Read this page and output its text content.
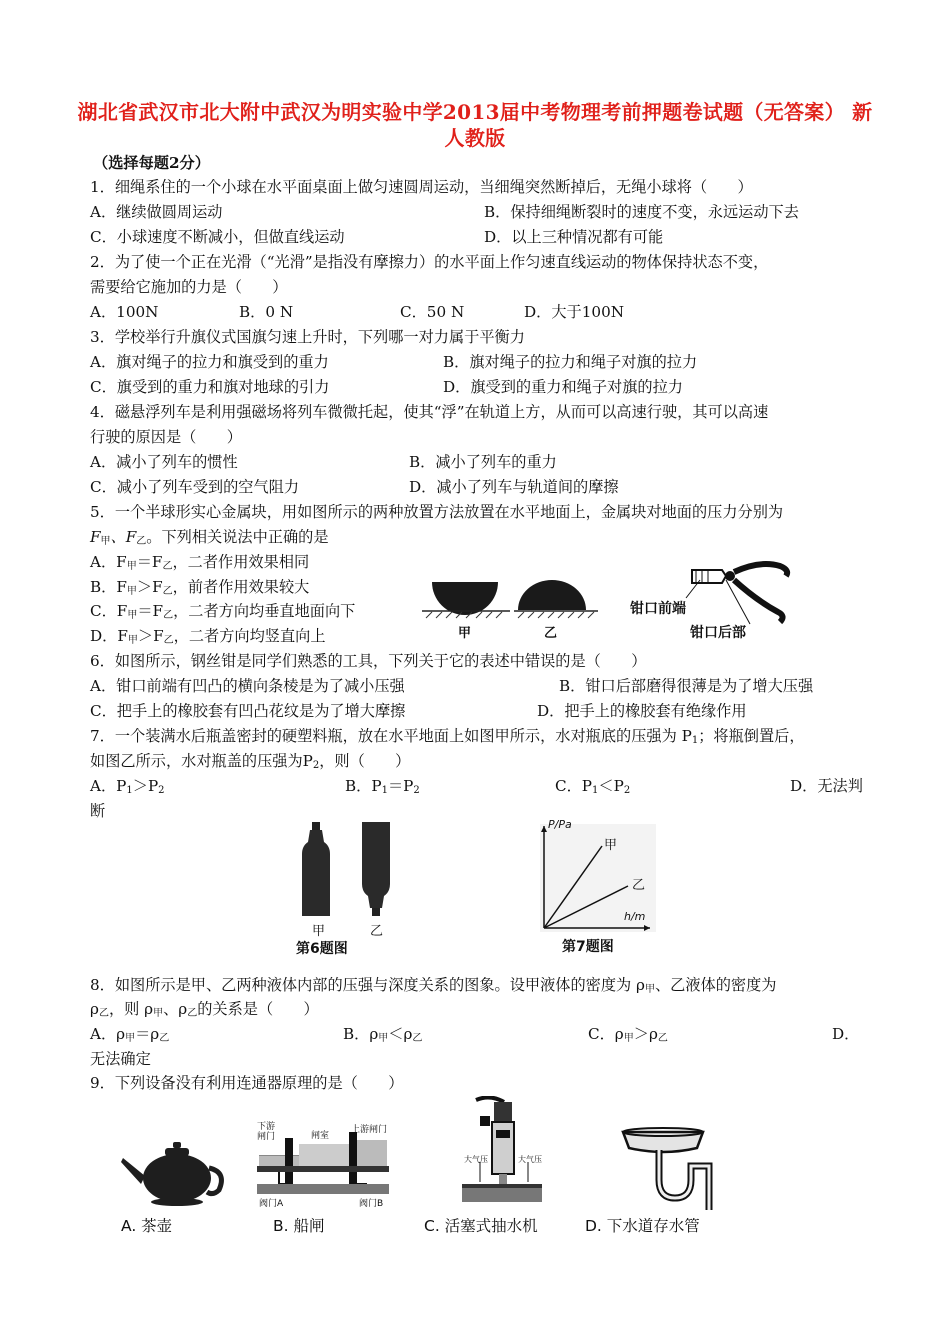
湖北省武汉市北大附中武汉为明实验中学2013届中考物理考前押题卷试题（无答案） 新人教版
（选择每题2分）
1．细绳系住的一个小球在水平面桌面上做匀速圆周运动，当细绳突然断掉后，无绳小球将（　　）
A．继续做圆周运动	B．保持细绳断裂时的速度不变，永远运动下去
C．小球速度不断减小，但做直线运动	D．以上三种情况都有可能
2．为了使一个正在光滑（“光滑”是指没有摩擦力）的水平面上作匀速直线运动的物体保持状态不变，
需要给它施加的力是（　　）
A．100N	B．0 N	C．50 N	D．大于100N
3．学校举行升旗仪式国旗匀速上升时，下列哪一对力属于平衡力
A．旗对绳子的拉力和旗受到的重力	B．旗对绳子的拉力和绳子对旗的拉力
C．旗受到的重力和旗对地球的引力	D．旗受到的重力和绳子对旗的拉力
4．磁悬浮列车是利用强磁场将列车微微托起，使其“浮”在轨道上方，从而可以高速行驶，其可以高速
行驶的原因是（　　）
A．减小了列车的惯性	B．减小了列车的重力
C．减小了列车受到的空气阻力	D．减小了列车与轨道间的摩擦
5．一个半球形实心金属块，用如图所示的两种放置方法放置在水平地面上，金属块对地面的压力分别为
$F_甲$、$F_乙$。下列相关说法中正确的是
A．$F_甲=F_乙$，二者作用效果相同
B．$F_甲>F_乙$，前者作用效果较大
C．$F_甲=F_乙$，二者方向均垂直地面向下
D．$F_甲>F_乙$，二者方向均竖直向上	甲	乙
钳口前端
钳口后部
6．如图所示，钢丝钳是同学们熟悉的工具，下列关于它的表述中错误的是（　　）
A．钳口前端有凹凸的横向条棱是为了减小压强	B．钳口后部磨得很薄是为了增大压强
C．把手上的橡胶套有凹凸花纹是为了增大摩擦	D．把手上的橡胶套有绝缘作用
7．一个装满水后瓶盖密封的硬塑料瓶，放在水平地面上如图甲所示，水对瓶底的压强为 $P_1$；将瓶倒置后，
如图乙所示，水对瓶盖的压强为$P_2$，则（　　）
A．$P_1>P_2$	B．$P_1=P_2$	C．$P_1<P_2$	D．无法判
断
甲	乙
第6题图
P/Pa
h/m
甲
乙
第7题图
8．如图所示是甲、乙两种液体内部的压强与深度关系的图象。设甲液体的密度为 $\rho_甲$、乙液体的密度为
$\rho_乙$，则 $\rho_甲$、$\rho_乙$的关系是（　　）
A．$\rho_甲=\rho_乙$	B．$\rho_甲<\rho_乙$	C．$\rho_甲>\rho_乙$	D．
无法确定
9．下列设备没有利用连通器原理的是（　　）
A. 茶壶
下游
闸门	闸室
上游闸门
阀门A	阀门B
B. 船闸
大气压	大气压
C. 活塞式抽水机	D. 下水道存水管
